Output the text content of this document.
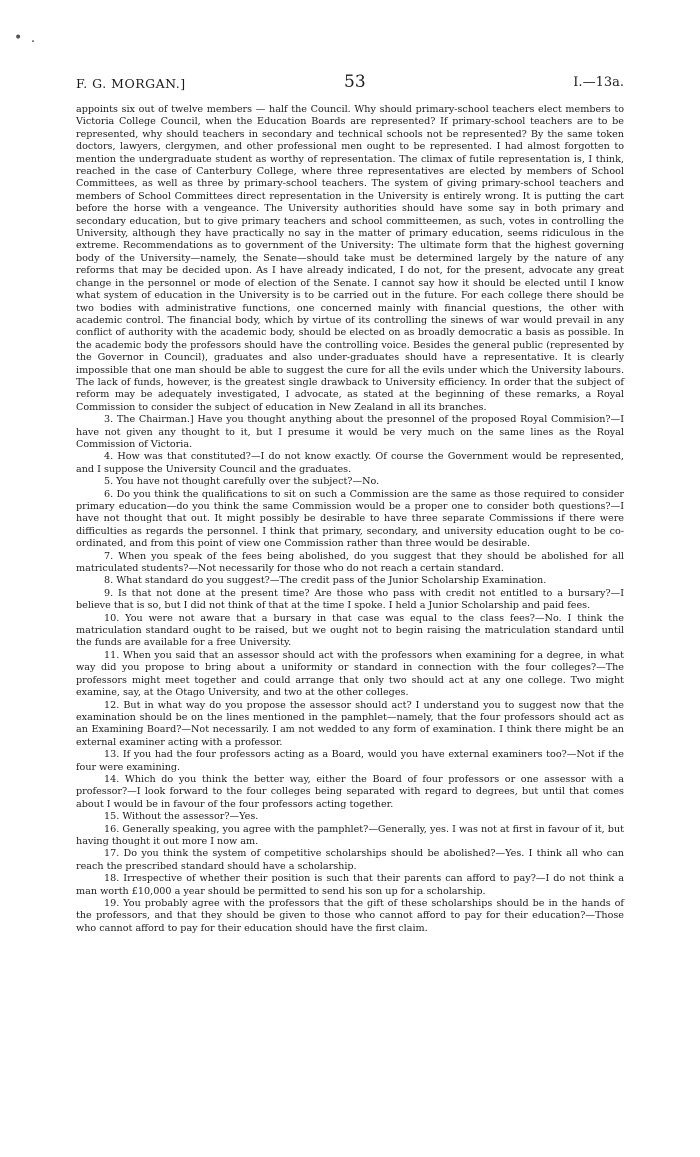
• .
F. G. MORGAN.]	53	I.—13a.

appoints six out of twelve members — half the Council. Why should primary-school teachers elect members to Victoria College Council, when the Education Boards are represented? If primary-school teachers are to be represented, why should teachers in secondary and technical schools not be represented? By the same token doctors, lawyers, clergymen, and other professional men ought to be represented. I had almost forgotten to mention the undergraduate student as worthy of representation. The climax of futile representation is, I think, reached in the case of Canterbury College, where three representatives are elected by members of School Committees, as well as three by primary-school teachers. The system of giving primary-school teachers and members of School Committees direct representation in the University is entirely wrong. It is putting the cart before the horse with a vengeance. The University authorities should have some say in both primary and secondary education, but to give primary teachers and school committeemen, as such, votes in controlling the University, although they have practically no say in the matter of primary education, seems ridiculous in the extreme. Recommendations as to government of the University: The ultimate form that the highest governing body of the University—namely, the Senate—should take must be determined largely by the nature of any reforms that may be decided upon. As I have already indicated, I do not, for the present, advocate any great change in the personnel or mode of election of the Senate. I cannot say how it should be elected until I know what system of education in the University is to be carried out in the future. For each college there should be two bodies with administrative functions, one concerned mainly with financial questions, the other with academic control. The financial body, which by virtue of its controlling the sinews of war would prevail in any conflict of authority with the academic body, should be elected on as broadly democratic a basis as possible. In the academic body the professors should have the controlling voice. Besides the general public (represented by the Governor in Council), graduates and also under-graduates should have a representative. It is clearly impossible that one man should be able to suggest the cure for all the evils under which the University labours. The lack of funds, however, is the greatest single drawback to University efficiency. In order that the subject of reform may be adequately investigated, I advocate, as stated at the beginning of these remarks, a Royal Commission to consider the subject of education in New Zealand in all its branches.

3. The Chairman.] Have you thought anything about the presonnel of the proposed Royal Commision?—I have not given any thought to it, but I presume it would be very much on the same lines as the Royal Commission of Victoria.

4. How was that constituted?—I do not know exactly. Of course the Government would be represented, and I suppose the University Council and the graduates.

5. You have not thought carefully over the subject?—No.

6. Do you think the qualifications to sit on such a Commission are the same as those required to consider primary education—do you think the same Commission would be a proper one to consider both questions?—I have not thought that out. It might possibly be desirable to have three separate Commissions if there were difficulties as regards the personnel. I think that primary, secondary, and university education ought to be co-ordinated, and from this point of view one Commission rather than three would be desirable.

7. When you speak of the fees being abolished, do you suggest that they should be abolished for all matriculated students?—Not necessarily for those who do not reach a certain standard.

8. What standard do you suggest?—The credit pass of the Junior Scholarship Examination.

9. Is that not done at the present time? Are those who pass with credit not entitled to a bursary?—I believe that is so, but I did not think of that at the time I spoke. I held a Junior Scholarship and paid fees.

10. You were not aware that a bursary in that case was equal to the class fees?—No. I think the matriculation standard ought to be raised, but we ought not to begin raising the matriculation standard until the funds are available for a free University.

11. When you said that an assessor should act with the professors when examining for a degree, in what way did you propose to bring about a uniformity or standard in connection with the four colleges?—The professors might meet together and could arrange that only two should act at any one college. Two might examine, say, at the Otago University, and two at the other colleges.

12. But in what way do you propose the assessor should act? I understand you to suggest now that the examination should be on the lines mentioned in the pamphlet—namely, that the four professors should act as an Examining Board?—Not necessarily. I am not wedded to any form of examination. I think there might be an external examiner acting with a professor.

13. If you had the four professors acting as a Board, would you have external examiners too?—Not if the four were examining.

14. Which do you think the better way, either the Board of four professors or one assessor with a professor?—I look forward to the four colleges being separated with regard to degrees, but until that comes about I would be in favour of the four professors acting together.

15. Without the assessor?—Yes.

16. Generally speaking, you agree with the pamphlet?—Generally, yes. I was not at first in favour of it, but having thought it out more I now am.

17. Do you think the system of competitive scholarships should be abolished?—Yes. I think all who can reach the prescribed standard should have a scholarship.

18. Irrespective of whether their position is such that their parents can afford to pay?—I do not think a man worth £10,000 a year should be permitted to send his son up for a scholarship.

19. You probably agree with the professors that the gift of these scholarships should be in the hands of the professors, and that they should be given to those who cannot afford to pay for their education?—Those who cannot afford to pay for their education should have the first claim.
